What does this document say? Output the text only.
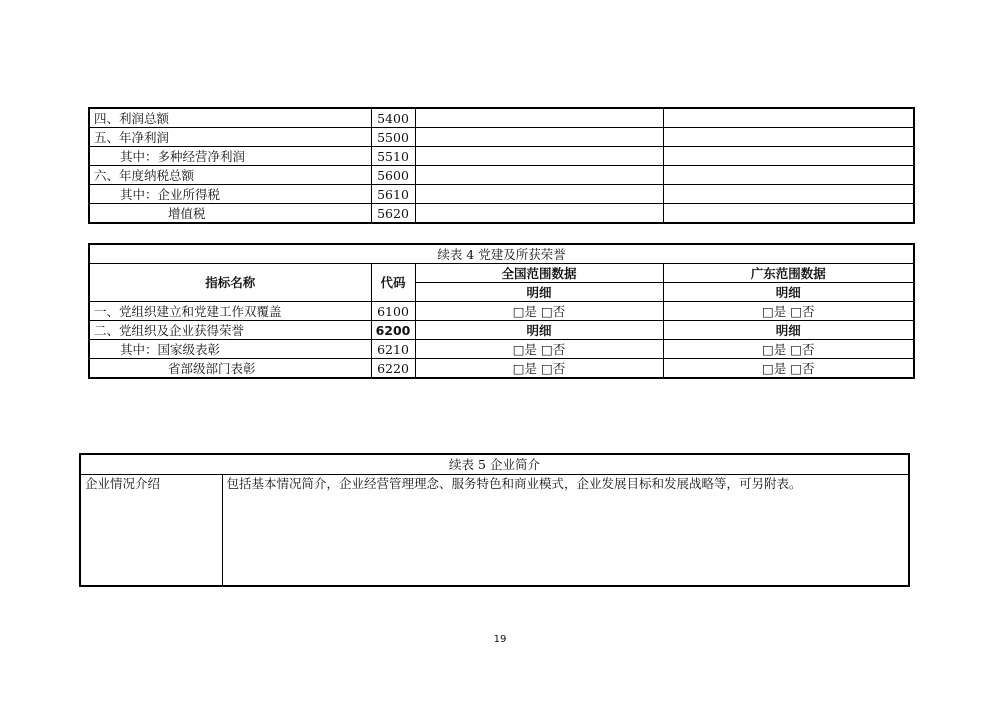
四、利润总额	5400		
五、年净利润	5500		
其中：多种经营净利润	5510		
六、年度纳税总额	5600		
其中：企业所得税	5610		
增值税	5620		
续表 4 党建及所获荣誉			
指标名称	代码	全国范围数据	广东范围数据
		明细	明细
一、党组织建立和党建工作双覆盖	6100	□是 □否	□是 □否
二、党组织及企业获得荣誉	6200	明细	明细
其中：国家级表彰	6210	□是 □否	□是 □否
省部级部门表彰	6220	□是 □否	□是 □否
续表 5 企业简介
企业情况介绍	包括基本情况简介，企业经营管理理念、服务特色和商业模式，企业发展目标和发展战略等，可另附表。
19
